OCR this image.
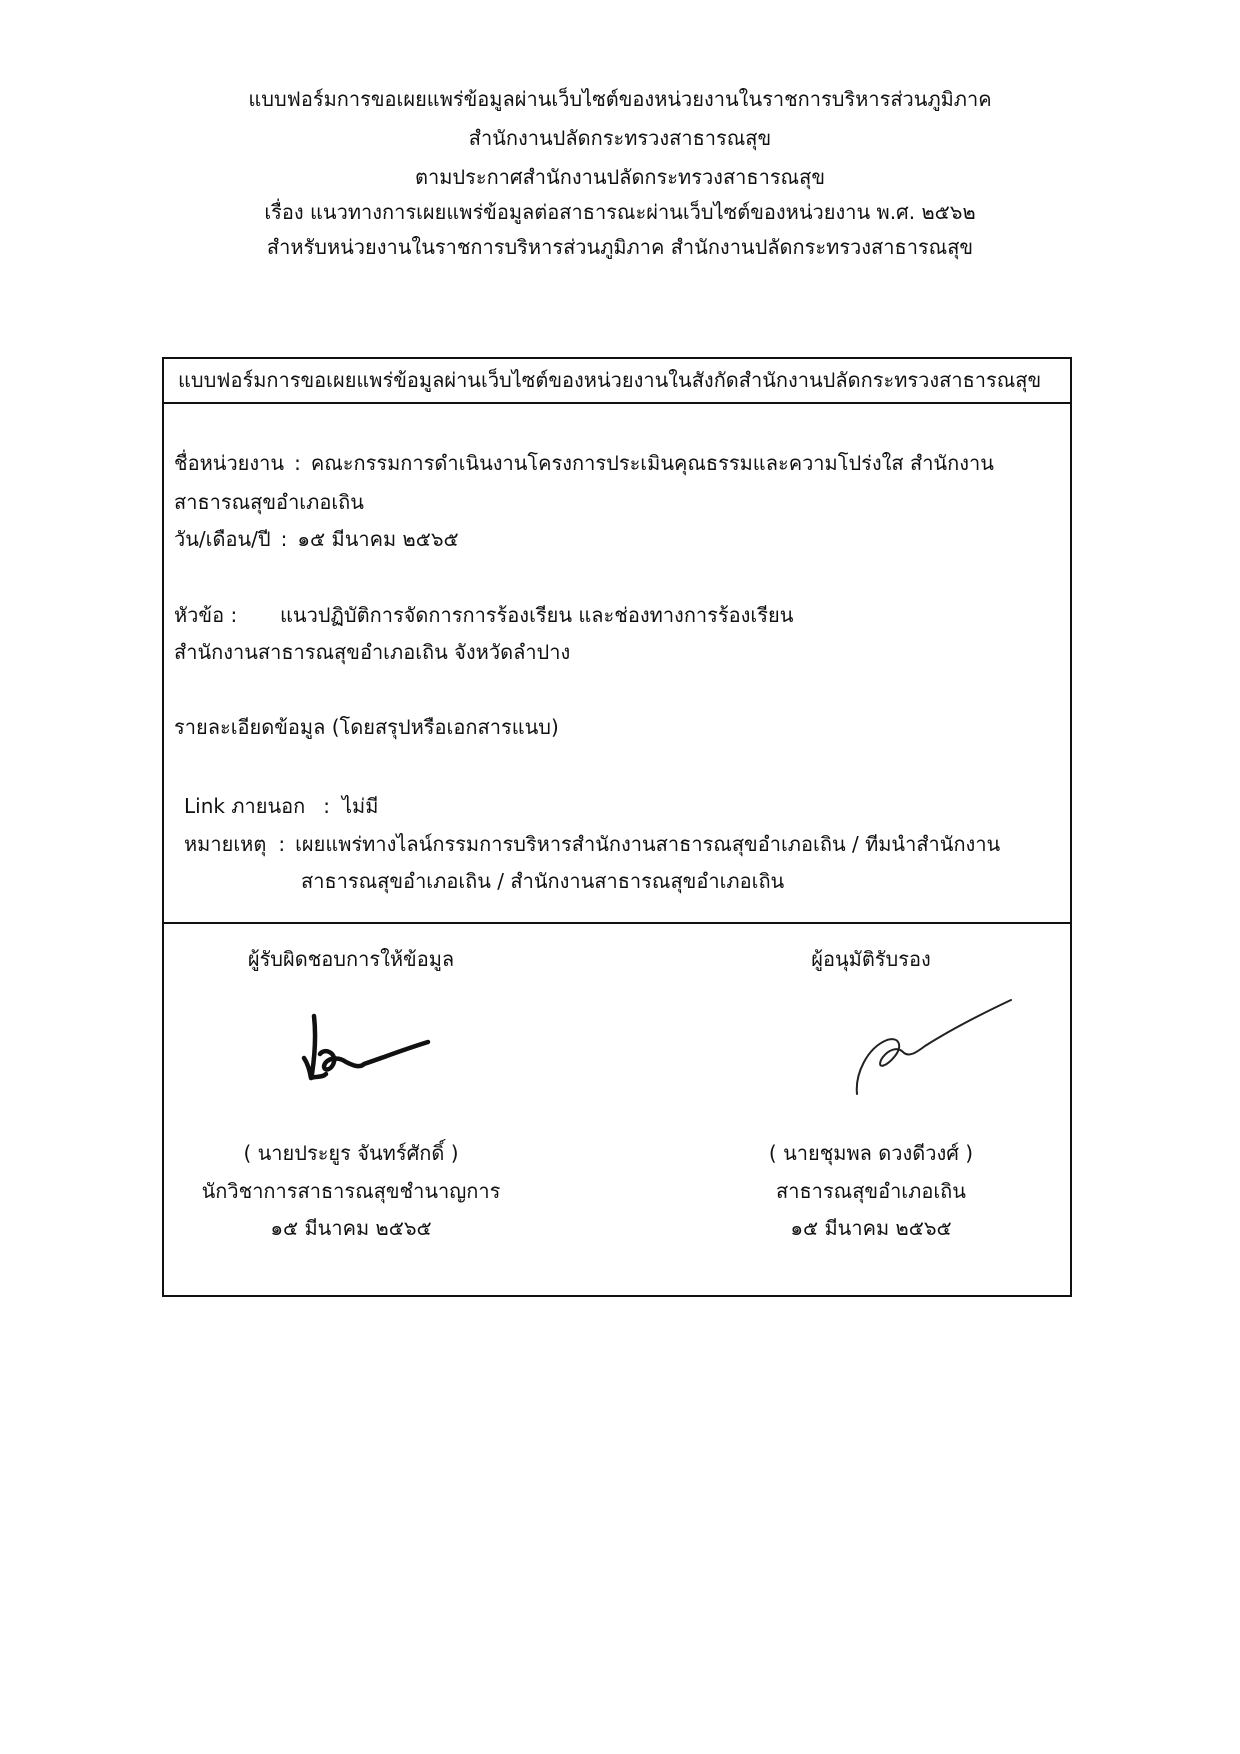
แบบฟอร์มการขอเผยแพร่ข้อมูลผ่านเว็บไซต์ของหน่วยงานในราชการบริหารส่วนภูมิภาค
สำนักงานปลัดกระทรวงสาธารณสุข
ตามประกาศสำนักงานปลัดกระทรวงสาธารณสุข
เรื่อง แนวทางการเผยแพร่ข้อมูลต่อสาธารณะผ่านเว็บไซต์ของหน่วยงาน พ.ศ. ๒๕๖๒
สำหรับหน่วยงานในราชการบริหารส่วนภูมิภาค สำนักงานปลัดกระทรวงสาธารณสุข
แบบฟอร์มการขอเผยแพร่ข้อมูลผ่านเว็บไซต์ของหน่วยงานในสังกัดสำนักงานปลัดกระทรวงสาธารณสุข
ชื่อหน่วยงาน : คณะกรรมการดำเนินงานโครงการประเมินคุณธรรมและความโปร่งใส สำนักงาน
สาธารณสุขอำเภอเถิน
วัน/เดือน/ปี : ๑๕ มีนาคม ๒๕๖๕
หัวข้อ : แนวปฏิบัติการจัดการการร้องเรียน และช่องทางการร้องเรียน
สำนักงานสาธารณสุขอำเภอเถิน จังหวัดลำปาง
รายละเอียดข้อมูล (โดยสรุปหรือเอกสารแนบ)
Link ภายนอก : ไม่มี
หมายเหตุ : เผยแพร่ทางไลน์กรรมการบริหารสำนักงานสาธารณสุขอำเภอเถิน / ทีมนำสำนักงาน
สาธารณสุขอำเภอเถิน / สำนักงานสาธารณสุขอำเภอเถิน
ผู้รับผิดชอบการให้ข้อมูล	ผู้อนุมัติรับรอง
( นายประยูร จันทร์ศักดิ์ )
นักวิชาการสาธารณสุขชำนาญการ
๑๕ มีนาคม ๒๕๖๕
( นายชุมพล ดวงดีวงศ์ )
สาธารณสุขอำเภอเถิน
๑๕ มีนาคม ๒๕๖๕
